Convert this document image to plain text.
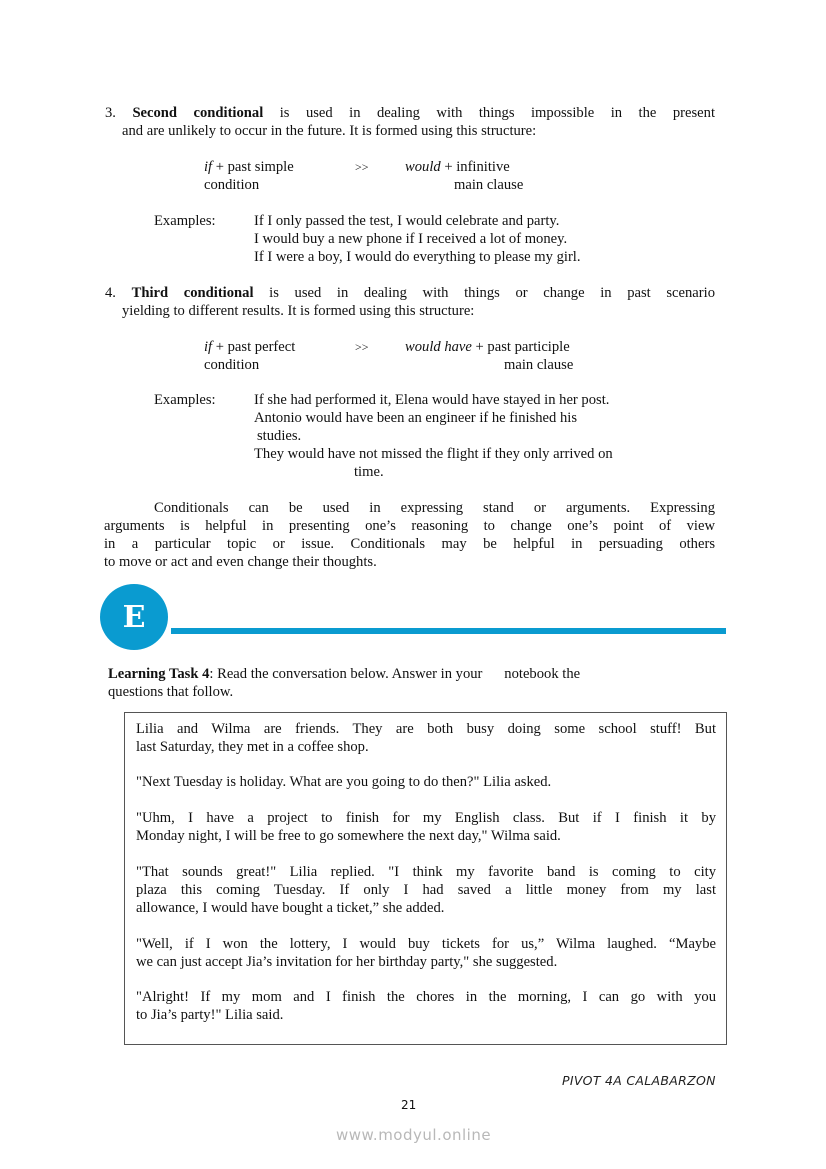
3. Second conditional is used in dealing with things impossible in the present
and are unlikely to occur in the future. It is formed using this structure:
if + past simple	>> would + infinitive
condition	main clause
Examples:	If I only passed the test, I would celebrate and party.
I would buy a new phone if I received a lot of money.
If I were a boy, I would do everything to please my girl.
4. Third conditional is used in dealing with things or change in past scenario
yielding to different results. It is formed using this structure:
if + past perfect	>> would have + past participle
condition	main clause
Examples:	If she had performed it, Elena would have stayed in her post.
Antonio would have been an engineer if he finished his
studies.
They would have not missed the flight if they only arrived on
time.
Conditionals can be used in expressing stand or arguments. Expressing
arguments is helpful in presenting one’s reasoning to change one’s point of view
in a particular topic or issue. Conditionals may be helpful in persuading others
to move or act and even change their thoughts.
E
Learning Task 4: Read the conversation below. Answer in your      notebook the
questions that follow.
Lilia and Wilma are friends. They are both busy doing some school stuff! But
last Saturday, they met in a coffee shop.
"Next Tuesday is holiday. What are you going to do then?" Lilia asked.
"Uhm, I have a project to finish for my English class. But if I finish it by
Monday night, I will be free to go somewhere the next day," Wilma said.
"That sounds great!" Lilia replied. "I think my favorite band is coming to city
plaza this coming Tuesday. If only I had saved a little money from my last
allowance, I would have bought a ticket,” she added.
"Well, if I won the lottery, I would buy tickets for us,” Wilma laughed. “Maybe
we can just accept Jia’s invitation for her birthday party," she suggested.
"Alright! If my mom and I finish the chores in the morning, I can go with you
to Jia’s party!" Lilia said.
PIVOT 4A CALABARZON
21
www.modyul.online
